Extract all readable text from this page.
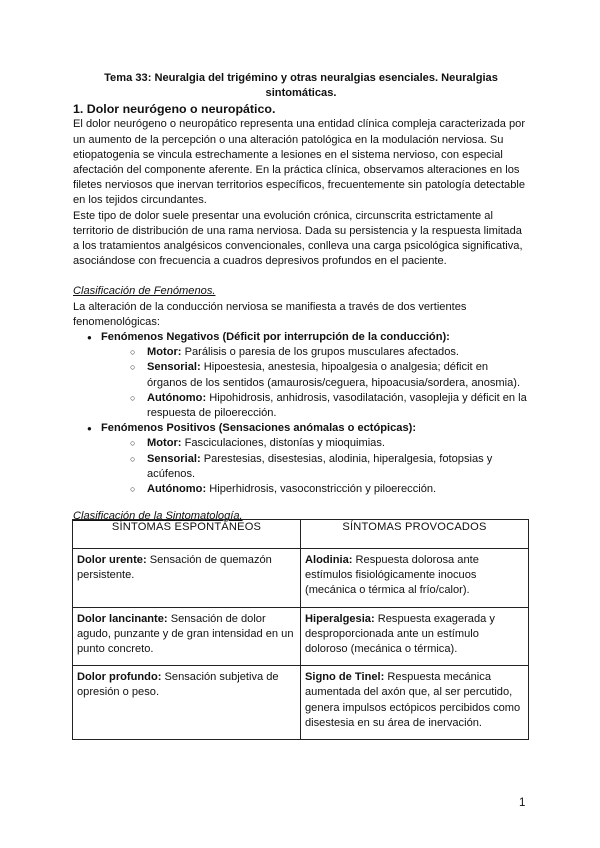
Tema 33: Neuralgia del trigémino y otras neuralgias esenciales. Neuralgias sintomáticas.

1. Dolor neurógeno o neuropático.

El dolor neurógeno o neuropático representa una entidad clínica compleja caracterizada por un aumento de la percepción o una alteración patológica en la modulación nerviosa. Su etiopatogenia se vincula estrechamente a lesiones en el sistema nervioso, con especial afectación del componente aferente. En la práctica clínica, observamos alteraciones en los filetes nerviosos que inervan territorios específicos, frecuentemente sin patología detectable en los tejidos circundantes.

Este tipo de dolor suele presentar una evolución crónica, circunscrita estrictamente al territorio de distribución de una rama nerviosa. Dada su persistencia y la respuesta limitada a los tratamientos analgésicos convencionales, conlleva una carga psicológica significativa, asociándose con frecuencia a cuadros depresivos profundos en el paciente.

Clasificación de Fenómenos.

La alteración de la conducción nerviosa se manifiesta a través de dos vertientes fenomenológicas:

● Fenómenos Negativos (Déficit por interrupción de la conducción):
○ Motor: Parálisis o paresia de los grupos musculares afectados.
○ Sensorial: Hipoestesia, anestesia, hipoalgesia o analgesia; déficit en órganos de los sentidos (amaurosis/ceguera, hipoacusia/sordera, anosmia).
○ Autónomo: Hipohidrosis, anhidrosis, vasodilatación, vasoplejia y déficit en la respuesta de piloerección.
● Fenómenos Positivos (Sensaciones anómalas o ectópicas):
○ Motor: Fasciculaciones, distonías y mioquimias.
○ Sensorial: Parestesias, disestesias, alodinia, hiperalgesia, fotopsias y acúfenos.
○ Autónomo: Hiperhidrosis, vasoconstricción y piloerección.

Clasificación de la Sintomatología.

SÍNTOMAS ESPONTÁNEOS	SÍNTOMAS PROVOCADOS
Dolor urente: Sensación de quemazón persistente.	Alodinia: Respuesta dolorosa ante estímulos fisiológicamente inocuos (mecánica o térmica al frío/calor).
Dolor lancinante: Sensación de dolor agudo, punzante y de gran intensidad en un punto concreto.	Hiperalgesia: Respuesta exagerada y desproporcionada ante un estímulo doloroso (mecánica o térmica).
Dolor profundo: Sensación subjetiva de opresión o peso.	Signo de Tinel: Respuesta mecánica aumentada del axón que, al ser percutido, genera impulsos ectópicos percibidos como disestesia en su área de inervación.
1
